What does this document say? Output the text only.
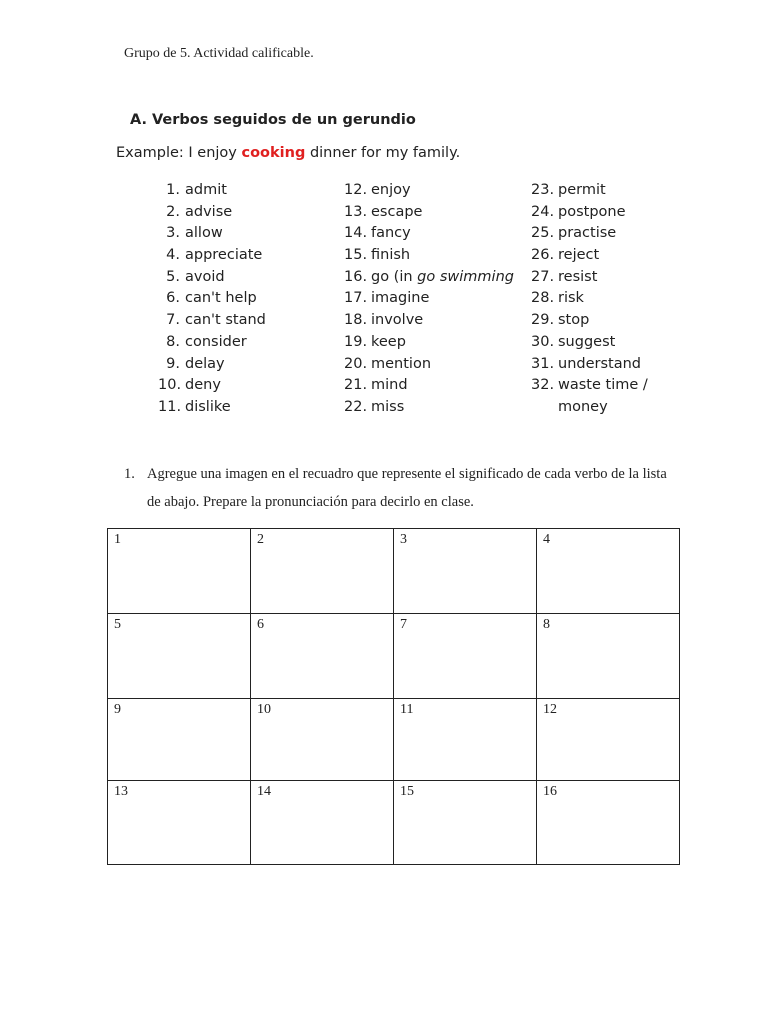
Grupo de 5. Actividad calificable.
A. Verbos seguidos de un gerundio
Example: I enjoy cooking dinner for my family.
1. admit
2. advise
3. allow
4. appreciate
5. avoid
6. can't help
7. can't stand
8. consider
9. delay
10. deny
11. dislike
12. enjoy
13. escape
14. fancy
15. finish
16. go (in go swimming
17. imagine
18. involve
19. keep
20. mention
21. mind
22. miss
23. permit
24. postpone
25. practise
26. reject
27. resist
28. risk
29. stop
30. suggest
31. understand
32. waste time /
money
1. Agregue una imagen en el recuadro que represente el significado de cada verbo de la lista de abajo. Prepare la pronunciación para decirlo en clase.
1	2	3	4
5	6	7	8
9	10	11	12
13	14	15	16
